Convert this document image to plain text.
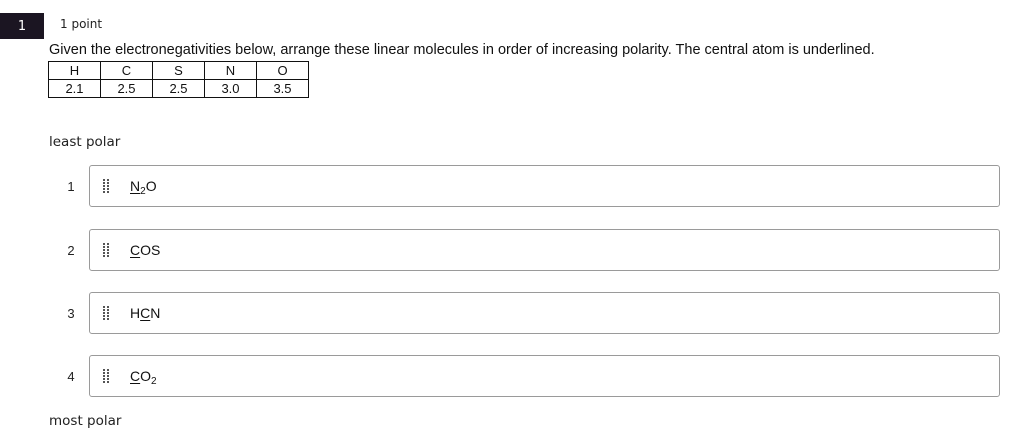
1	1 point
Given the electronegativities below, arrange these linear molecules in order of increasing polarity. The central atom is underlined.
H	C	S	N	O
2.1	2.5	2.5	3.0	3.5
least polar
1	$N_2O$
2	COS
3	HCN
4	$CO_2$
most polar
